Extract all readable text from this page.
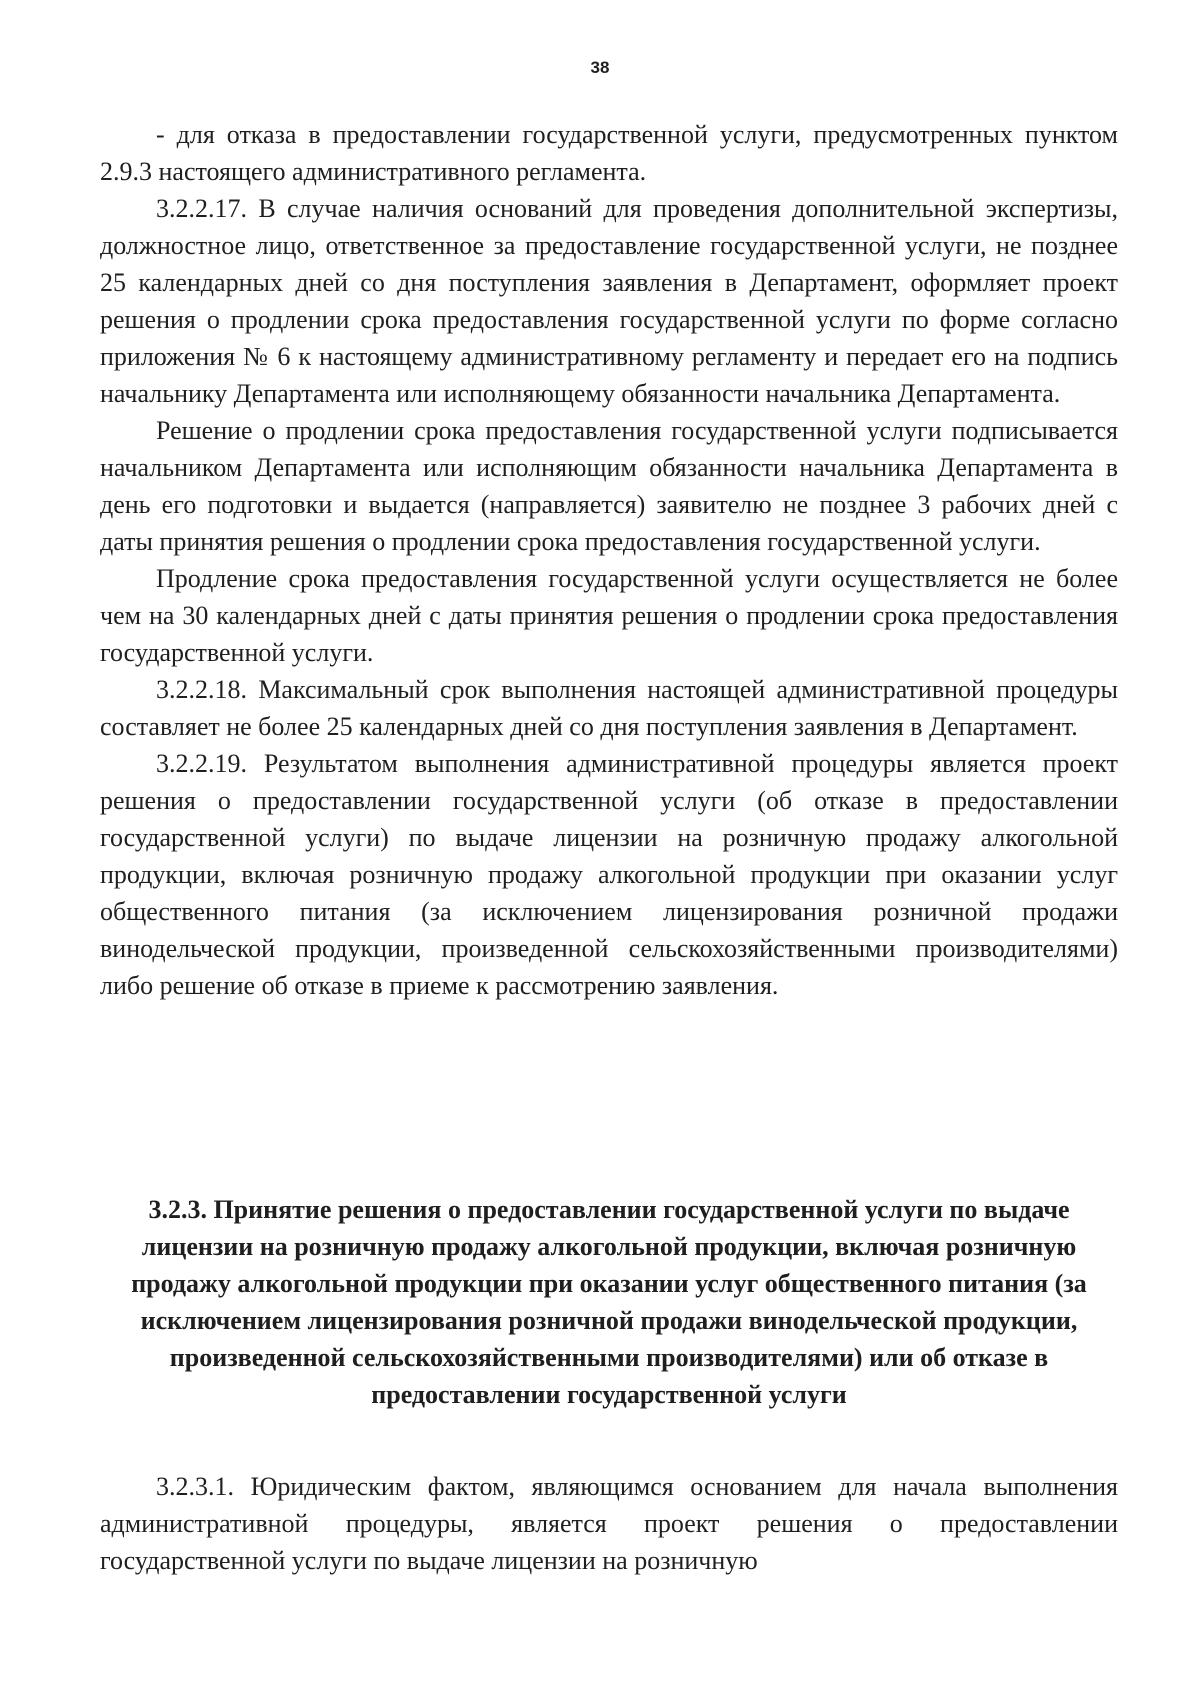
38

- для отказа в предоставлении государственной услуги, предусмотренных пунктом 2.9.3 настоящего административного регламента.

3.2.2.17. В случае наличия оснований для проведения дополнительной экспертизы, должностное лицо, ответственное за предоставление государственной услуги, не позднее 25 календарных дней со дня поступления заявления в Департамент, оформляет проект решения о продлении срока предоставления государственной услуги по форме согласно приложения № 6 к настоящему административному регламенту и передает его на подпись начальнику Департамента или исполняющему обязанности начальника Департамента.

Решение о продлении срока предоставления государственной услуги подписывается начальником Департамента или исполняющим обязанности начальника Департамента в день его подготовки и выдается (направляется) заявителю не позднее 3 рабочих дней с даты принятия решения о продлении срока предоставления государственной услуги.

Продление срока предоставления государственной услуги осуществляется не более чем на 30 календарных дней с даты принятия решения о продлении срока предоставления государственной услуги.

3.2.2.18. Максимальный срок выполнения настоящей административной процедуры составляет не более 25 календарных дней со дня поступления заявления в Департамент.

3.2.2.19. Результатом выполнения административной процедуры является проект решения о предоставлении государственной услуги (об отказе в предоставлении государственной услуги) по выдаче лицензии на розничную продажу алкогольной продукции, включая розничную продажу алкогольной продукции при оказании услуг общественного питания (за исключением лицензирования розничной продажи винодельческой продукции, произведенной сельскохозяйственными производителями) либо решение об отказе в приеме к рассмотрению заявления.

3.2.3. Принятие решения о предоставлении государственной услуги по выдаче лицензии на розничную продажу алкогольной продукции, включая розничную продажу алкогольной продукции при оказании услуг общественного питания (за исключением лицензирования розничной продажи винодельческой продукции, произведенной сельскохозяйственными производителями) или об отказе в предоставлении государственной услуги

3.2.3.1. Юридическим фактом, являющимся основанием для начала выполнения административной процедуры, является проект решения о предоставлении государственной услуги по выдаче лицензии на розничную
